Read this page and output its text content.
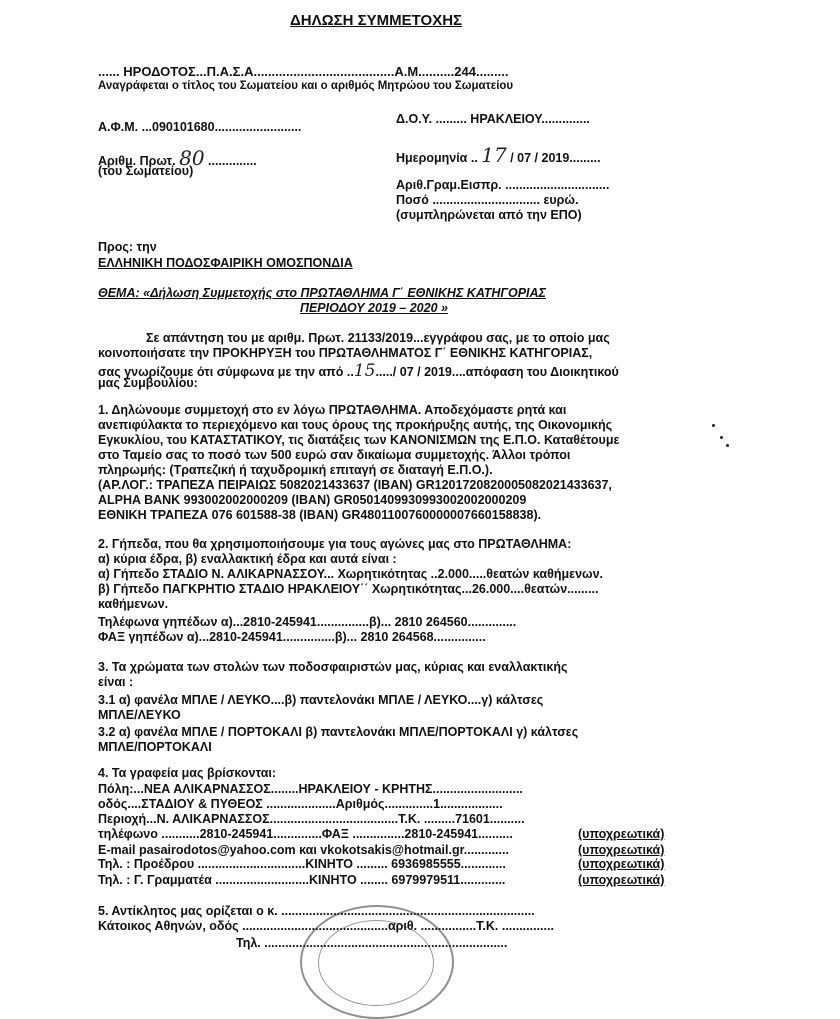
ΔΗΛΩΣΗ ΣΥΜΜΕΤΟΧΗΣ
...... ΗΡΟΔΟΤΟΣ...Π.Α.Σ.Α.......................................Α.Μ..........244.........
Αναγράφεται ο τίτλος του Σωματείου και ο αριθμός Μητρώου του Σωματείου
Α.Φ.Μ. ...090101680.........................
Δ.Ο.Υ. ......... ΗΡΑΚΛΕΙΟΥ..............
Αριθμ. Πρωτ. 80 ..............
(του Σωματείου)
Ημερομηνία .. 17 / 07 / 2019.........
Αριθ.Γραμ.Εισπρ. ..............................
Ποσό ............................... ευρώ.
(συμπληρώνεται από την ΕΠΟ)
Προς: την
ΕΛΛΗΝΙΚΗ ΠΟΔΟΣΦΑΙΡΙΚΗ ΟΜΟΣΠΟΝΔΙΑ
ΘΕΜΑ: «Δήλωση Συμμετοχής στο ΠΡΩΤΑΘΛΗΜΑ Γ΄ ΕΘΝΙΚΗΣ ΚΑΤΗΓΟΡΙΑΣ
ΠΕΡΙΟΔΟΥ 2019 – 2020 »
Σε απάντηση του με αριθμ. Πρωτ. 21133/2019...εγγράφου σας, με το οποίο μας
κοινοποιήσατε την ΠΡΟΚΗΡΥΞΗ του ΠΡΩΤΑΘΛΗΜΑΤΟΣ Γ΄ ΕΘΝΙΚΗΣ ΚΑΤΗΓΟΡΙΑΣ,
σας γνωρίζουμε ότι σύμφωνα με την από ..15...../ 07 / 2019....απόφαση του Διοικητικού
μας Συμβουλίου:
1. Δηλώνουμε συμμετοχή στο εν λόγω ΠΡΩΤΑΘΛΗΜΑ. Αποδεχόμαστε ρητά και
ανεπιφύλακτα το περιεχόμενο και τους όρους της προκήρυξης αυτής, της Οικονομικής
Εγκυκλίου, του ΚΑΤΑΣΤΑΤΙΚΟΥ, τις διατάξεις των ΚΑΝΟΝΙΣΜΩΝ της Ε.Π.Ο. Καταθέτουμε
στο Ταμείο σας το ποσό των 500 ευρώ σαν δικαίωμα συμμετοχής. Άλλοι τρόποι
πληρωμής: (Τραπεζική ή ταχυδρομική επιταγή σε διαταγή Ε.Π.Ο.).
(ΑΡ.ΛΟΓ.: ΤΡΑΠΕΖΑ ΠΕΙΡΑΙΩΣ 5082021433637 (IBAN) GR1201720820005082021433637,
ALPHA BANK 993002002000209 (IBAN) GR0501409930993002002000209
ΕΘΝΙΚΗ ΤΡΑΠΕΖΑ 076 601588-38 (IBAN) GR4801100760000007660158838).
2. Γήπεδα, που θα χρησιμοποιήσουμε για τους αγώνες μας στο ΠΡΩΤΑΘΛΗΜΑ:
α) κύρια έδρα, β) εναλλακτική έδρα και αυτά είναι :
α) Γήπεδο ΣΤΑΔΙΟ Ν. ΑΛΙΚΑΡΝΑΣΣΟΥ... Χωρητικότητας ..2.000.....θεατών καθήμενων.
β) Γήπεδο ΠΑΓΚΡΗΤΙΟ ΣΤΑΔΙΟ ΗΡΑΚΛΕΙΟΥ΄΄ Χωρητικότητας...26.000....θεατών.........
καθήμενων.
Τηλέφωνα γηπέδων α)...2810-245941...............β)... 2810 264560..............
ΦΑΞ γηπέδων α)...2810-245941...............β)... 2810 264568...............
3. Τα χρώματα των στολών των ποδοσφαιριστών μας, κύριας και εναλλακτικής
είναι :
3.1 α) φανέλα ΜΠΛΕ / ΛΕΥΚΟ....β) παντελονάκι ΜΠΛΕ / ΛΕΥΚΟ....γ) κάλτσες
ΜΠΛΕ/ΛΕΥΚΟ
3.2 α) φανέλα ΜΠΛΕ / ΠΟΡΤΟΚΑΛΙ β) παντελονάκι ΜΠΛΕ/ΠΟΡΤΟΚΑΛΙ γ) κάλτσες
ΜΠΛΕ/ΠΟΡΤΟΚΑΛΙ
4. Τα γραφεία μας βρίσκονται:
Πόλη:...ΝΕΑ ΑΛΙΚΑΡΝΑΣΣΟΣ........ΗΡΑΚΛΕΙΟΥ - ΚΡΗΤΗΣ..........................
οδός....ΣΤΑΔΙΟΥ & ΠΥΘΕΟΣ ....................Αριθμός..............1..................
Περιοχή...Ν. ΑΛΙΚΑΡΝΑΣΣΟΣ.....................................Τ.Κ. .........71601..........
τηλέφωνο ...........2810-245941..............ΦΑΞ ...............2810-245941..........	(υποχρεωτικά)
E-mail pasairodotos@yahoo.com και vkokotsakis@hotmail.gr.............	(υποχρεωτικά)
Τηλ. : Προέδρου ...............................ΚΙΝΗΤΟ ......... 6936985555.............	(υποχρεωτικά)
Τηλ. : Γ. Γραμματέα ...........................ΚΙΝΗΤΟ ........ 6979979511.............	(υποχρεωτικά)
5. Αντίκλητος μας ορίζεται ο κ. .........................................................................
Κάτοικος Αθηνών, οδός ..........................................αριθ. ................Τ.Κ. ...............
Τηλ. ......................................................................
